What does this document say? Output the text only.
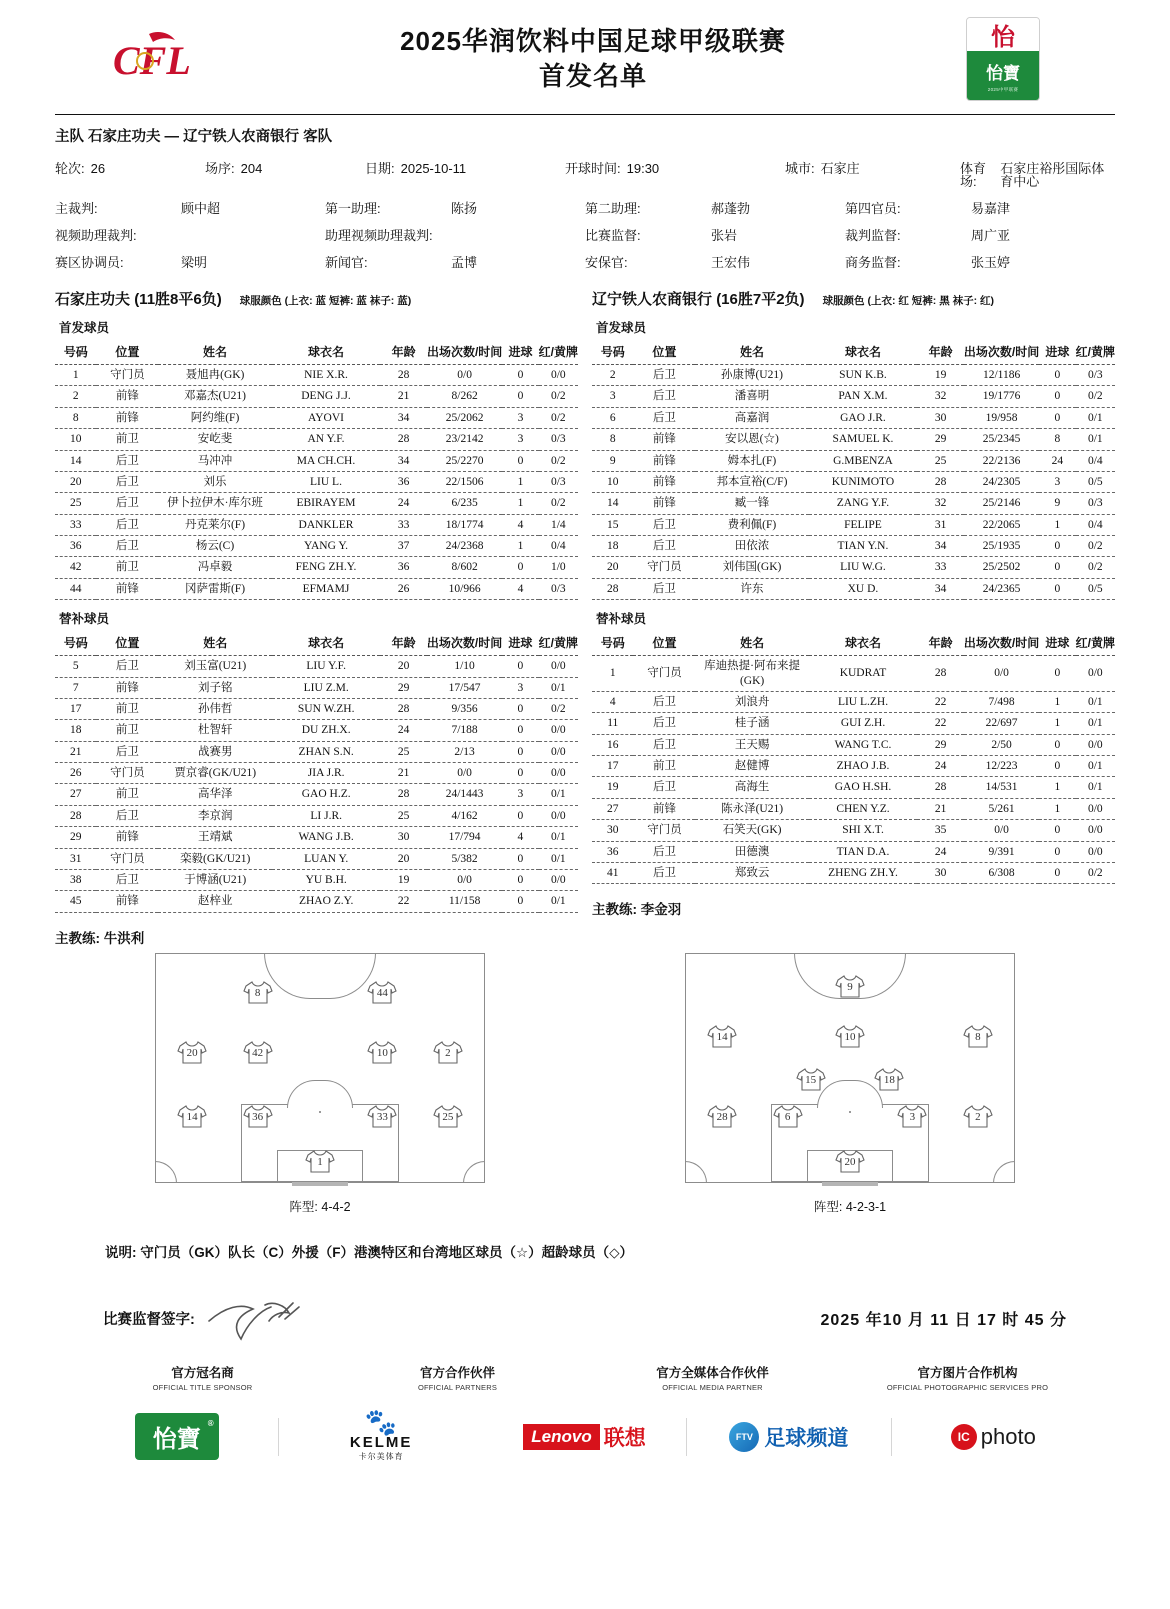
CFL	2025华润饮料中国足球甲级联赛
首发名单
怡
怡寶
2025中甲联赛
主队 石家庄功夫 — 辽宁铁人农商银行 客队
轮次: 26	场序: 204	日期: 2025-10-11	开球时间: 19:30	城市: 石家庄	体育场:
石家庄裕彤国际体育中心
主裁判:	顾中超	第一助理:	陈扬	第二助理:	郝蓬勃	第四官员:	易嘉津
视频助理裁判:	助理视频助理裁判:	比赛监督:	张岩	裁判监督:	周广亚
赛区协调员:	梁明	新闻官:	孟博	安保官:	王宏伟	商务监督:	张玉婷
石家庄功夫 (11胜8平6负) 球服颜色 (上衣: 蓝 短裤: 蓝 袜子: 蓝)
首发球员
号码	位置	姓名	球衣名	年龄	出场次数/时间	进球	红/黄牌
1	守门员	聂旭冉(GK)	NIE X.R.	28	0/0	0	0/0
2	前锋	邓嘉杰(U21)	DENG J.J.	21	8/262	0	0/2
8	前锋	阿约维(F)	AYOVI	34	25/2062	3	0/2
10	前卫	安屹斐	AN Y.F.	28	23/2142	3	0/3
14	后卫	马冲冲	MA CH.CH.	34	25/2270	0	0/2
20	后卫	刘乐	LIU L.	36	22/1506	1	0/3
25	后卫	伊卜拉伊木·库尔班	EBIRAYEM	24	6/235	1	0/2
33	后卫	丹克莱尔(F)	DANKLER	33	18/1774	4	1/4
36	后卫	杨云(C)	YANG Y.	37	24/2368	1	0/4
42	前卫	冯卓毅	FENG ZH.Y.	36	8/602	0	1/0
44	前锋	冈萨雷斯(F)	EFMAMJ	26	10/966	4	0/3
替补球员
号码	位置	姓名	球衣名	年龄	出场次数/时间	进球	红/黄牌
5	后卫	刘玉富(U21)	LIU Y.F.	20	1/10	0	0/0
7	前锋	刘子铭	LIU Z.M.	29	17/547	3	0/1
17	前卫	孙伟哲	SUN W.ZH.	28	9/356	0	0/2
18	前卫	杜智轩	DU ZH.X.	24	7/188	0	0/0
21	后卫	战赛男	ZHAN S.N.	25	2/13	0	0/0
26	守门员	贾京睿(GK/U21)	JIA J.R.	21	0/0	0	0/0
27	前卫	高华泽	GAO H.Z.	28	24/1443	3	0/1
28	后卫	李京润	LI J.R.	25	4/162	0	0/0
29	前锋	王靖斌	WANG J.B.	30	17/794	4	0/1
31	守门员	栾毅(GK/U21)	LUAN Y.	20	5/382	0	0/1
38	后卫	于博涵(U21)	YU B.H.	19	0/0	0	0/0
45	前锋	赵梓业	ZHAO Z.Y.	22	11/158	0	0/1
主教练: 牛洪利
辽宁铁人农商银行 (16胜7平2负) 球服颜色 (上衣: 红 短裤: 黑 袜子: 红)
首发球员
号码	位置	姓名	球衣名	年龄	出场次数/时间	进球	红/黄牌
2	后卫	孙康博(U21)	SUN K.B.	19	12/1186	0	0/3
3	后卫	潘喜明	PAN X.M.	32	19/1776	0	0/2
6	后卫	高嘉润	GAO J.R.	30	19/958	0	0/1
8	前锋	安以恩(☆)	SAMUEL K.	29	25/2345	8	0/1
9	前锋	姆本扎(F)	G.MBENZA	25	22/2136	24	0/4
10	前锋	邦本宣裕(C/F)	KUNIMOTO	28	24/2305	3	0/5
14	前锋	臧一锋	ZANG Y.F.	32	25/2146	9	0/3
15	后卫	费利佩(F)	FELIPE	31	22/2065	1	0/4
18	后卫	田依浓	TIAN Y.N.	34	25/1935	0	0/2
20	守门员	刘伟国(GK)	LIU W.G.	33	25/2502	0	0/2
28	后卫	许东	XU D.	34	24/2365	0	0/5
替补球员
号码	位置	姓名	球衣名	年龄	出场次数/时间	进球	红/黄牌
1	守门员	库迪热提·阿布来提(GK)	KUDRAT	28	0/0	0	0/0
4	后卫	刘浪舟	LIU L.ZH.	22	7/498	1	0/1
11	后卫	桂子涵	GUI Z.H.	22	22/697	1	0/1
16	后卫	王天赐	WANG T.C.	29	2/50	0	0/0
17	前卫	赵健博	ZHAO J.B.	24	12/223	0	0/1
19	后卫	高海生	GAO H.SH.	28	14/531	1	0/1
27	前锋	陈永泽(U21)	CHEN Y.Z.	21	5/261	1	0/0
30	守门员	石笑天(GK)	SHI X.T.	35	0/0	0	0/0
36	后卫	田德澳	TIAN D.A.	24	9/391	0	0/0
41	后卫	郑致云	ZHENG ZH.Y.	30	6/308	0	0/2
主教练: 李金羽
1
14	36	33	25
20	42	10	2
8	44
阵型: 4-4-2
20
28	6	3	2
15	18
14	10	8
9
阵型: 4-2-3-1
说明: 守门员（GK）队长（C）外援（F）港澳特区和台湾地区球员（☆）超龄球员（◇）
比赛监督签字:	2025 年10 月 11 日 17 时 45 分
官方冠名商
OFFICIAL TITLE SPONSOR
官方合作伙伴
OFFICIAL PARTNERS
官方全媒体合作伙伴
OFFICIAL MEDIA PARTNER
官方图片合作机构
OFFICIAL PHOTOGRAPHIC SERVICES PRO
怡寶
®	🐾
KELME
卡尔美体育
Lenovo 联想	FTV 足球频道	IC photo
